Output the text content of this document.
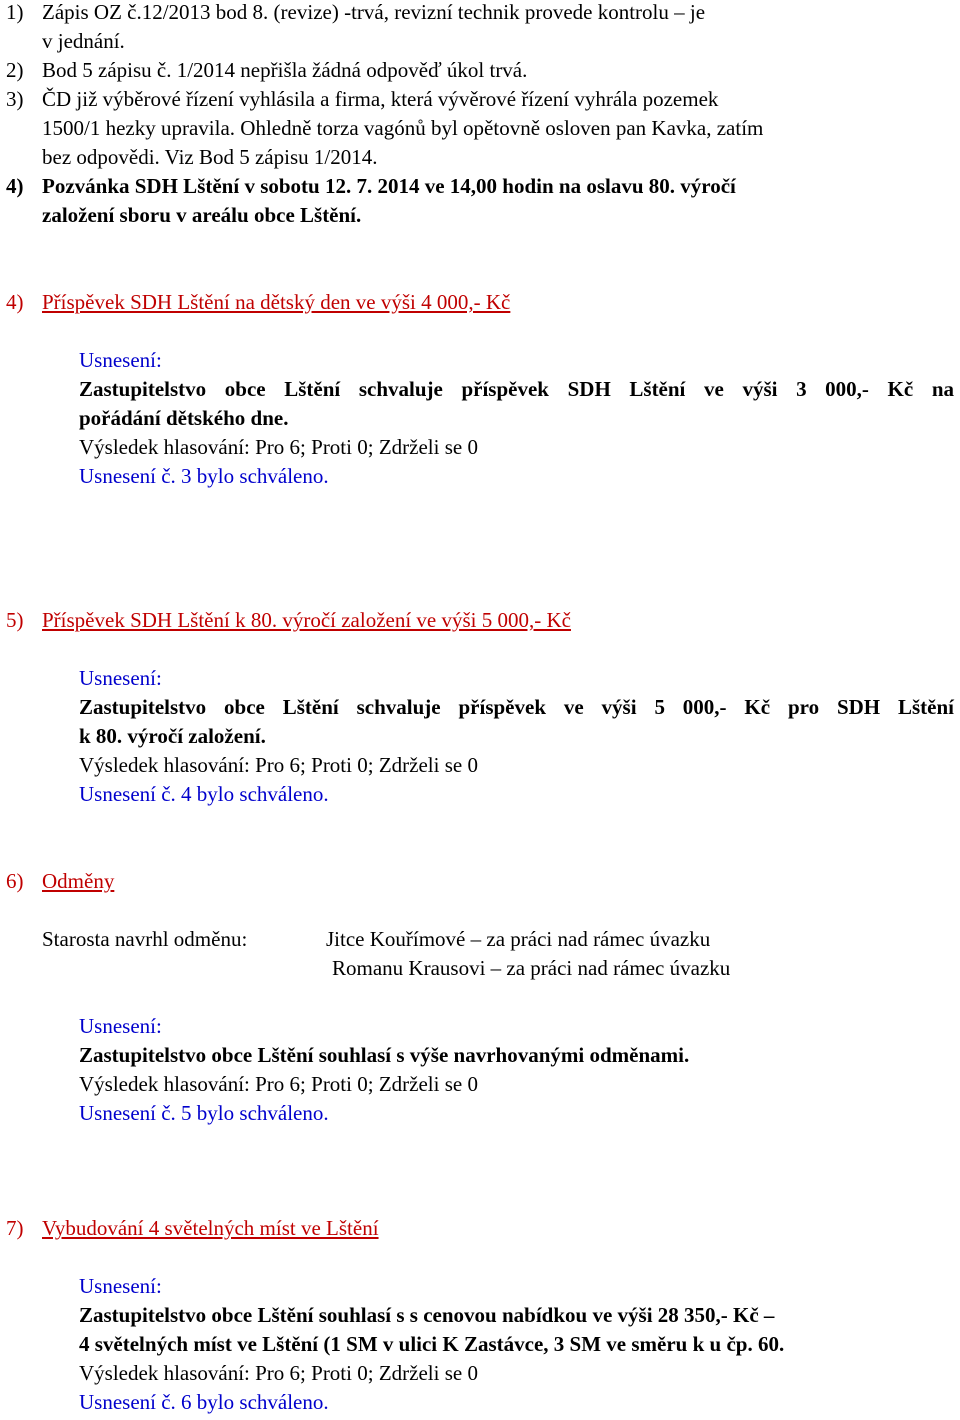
1) Zápis OZ č.12/2013 bod 8. (revize) -trvá, revizní technik provede kontrolu – je
v jednání.
2) Bod 5 zápisu č. 1/2014 nepřišla žádná odpověď úkol trvá.
3) ČD již výběrové řízení vyhlásila a firma, která vývěrové řízení vyhrála pozemek
1500/1 hezky upravila. Ohledně torza vagónů byl opětovně osloven pan Kavka, zatím
bez odpovědi. Viz Bod 5 zápisu 1/2014.
4) Pozvánka SDH Lštění v sobotu 12. 7. 2014 ve 14,00 hodin na oslavu 80. výročí
založení sboru v areálu obce Lštění.
4) Příspěvek SDH Lštění na dětský den ve výši 4 000,- Kč
Usnesení:
Zastupitelstvo obce Lštění schvaluje příspěvek SDH Lštění ve výši 3 000,- Kč na
pořádání dětského dne.
Výsledek hlasování: Pro 6; Proti 0; Zdrželi se 0
Usnesení č. 3 bylo schváleno.
5) Příspěvek SDH Lštění k 80. výročí založení ve výši 5 000,- Kč
Usnesení:
Zastupitelstvo obce Lštění schvaluje příspěvek ve výši 5 000,- Kč pro SDH Lštění
k 80. výročí založení.
Výsledek hlasování: Pro 6; Proti 0; Zdrželi se 0
Usnesení č. 4 bylo schváleno.
6) Odměny
Starosta navrhl odměnu:	Jitce Kouřímové – za práci nad rámec úvazku
Romanu Krausovi – za práci nad rámec úvazku
Usnesení:
Zastupitelstvo obce Lštění souhlasí s výše navrhovanými odměnami.
Výsledek hlasování: Pro 6; Proti 0; Zdrželi se 0
Usnesení č. 5 bylo schváleno.
7) Vybudování 4 světelných míst ve Lštění
Usnesení:
Zastupitelstvo obce Lštění souhlasí s s cenovou nabídkou ve výši 28 350,- Kč –
4 světelných míst ve Lštění (1 SM v ulici K Zastávce, 3 SM ve směru k u čp. 60.
Výsledek hlasování: Pro 6; Proti 0; Zdrželi se 0
Usnesení č. 6 bylo schváleno.
